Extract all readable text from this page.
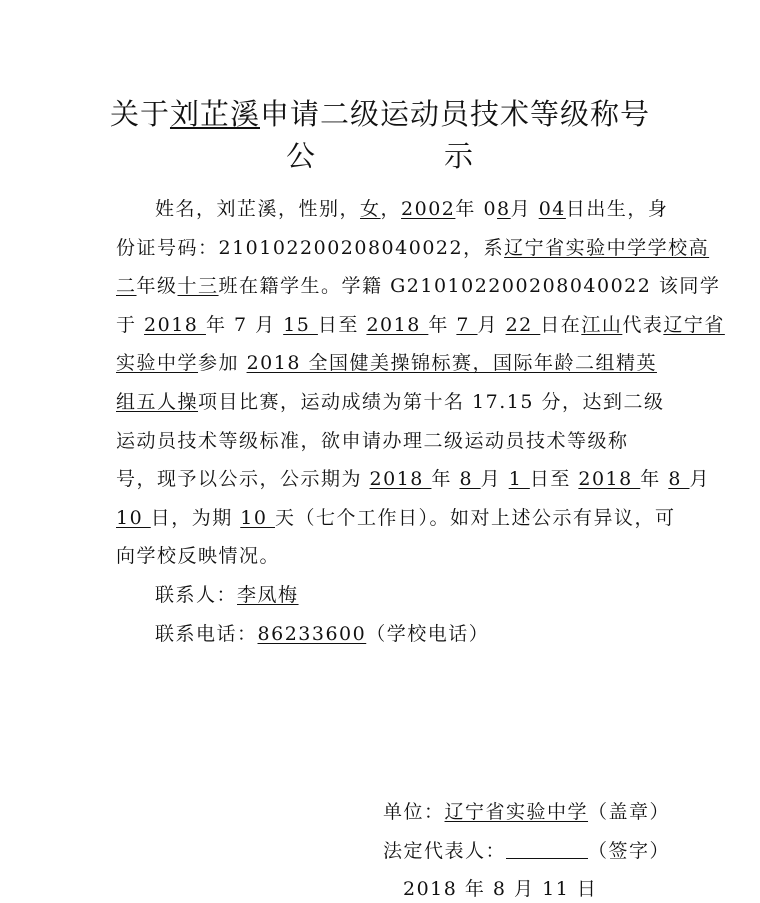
关于刘芷溪申请二级运动员技术等级称号
公	示
姓名，刘芷溪，性别，女，2002年 08月 04日出生，身
份证号码：210102200208040022，系辽宁省实验中学学校高
二年级十三班在籍学生。学籍 G210102200208040022 该同学
于 2018 年 7 月 15 日至 2018 年 7 月 22 日在江山代表辽宁省
实验中学参加 2018 全国健美操锦标赛，国际年龄二组精英
组五人操项目比赛，运动成绩为第十名 17.15 分，达到二级
运动员技术等级标准，欲申请办理二级运动员技术等级称
号，现予以公示，公示期为 2018 年 8 月 1 日至 2018 年 8 月
10 日，为期 10 天（七个工作日）。如对上述公示有异议，可
向学校反映情况。
联系人：李凤梅
联系电话：86233600（学校电话）
单位：辽宁省实验中学（盖章）
法定代表人：	（签字）
2018 年 8 月 11 日
